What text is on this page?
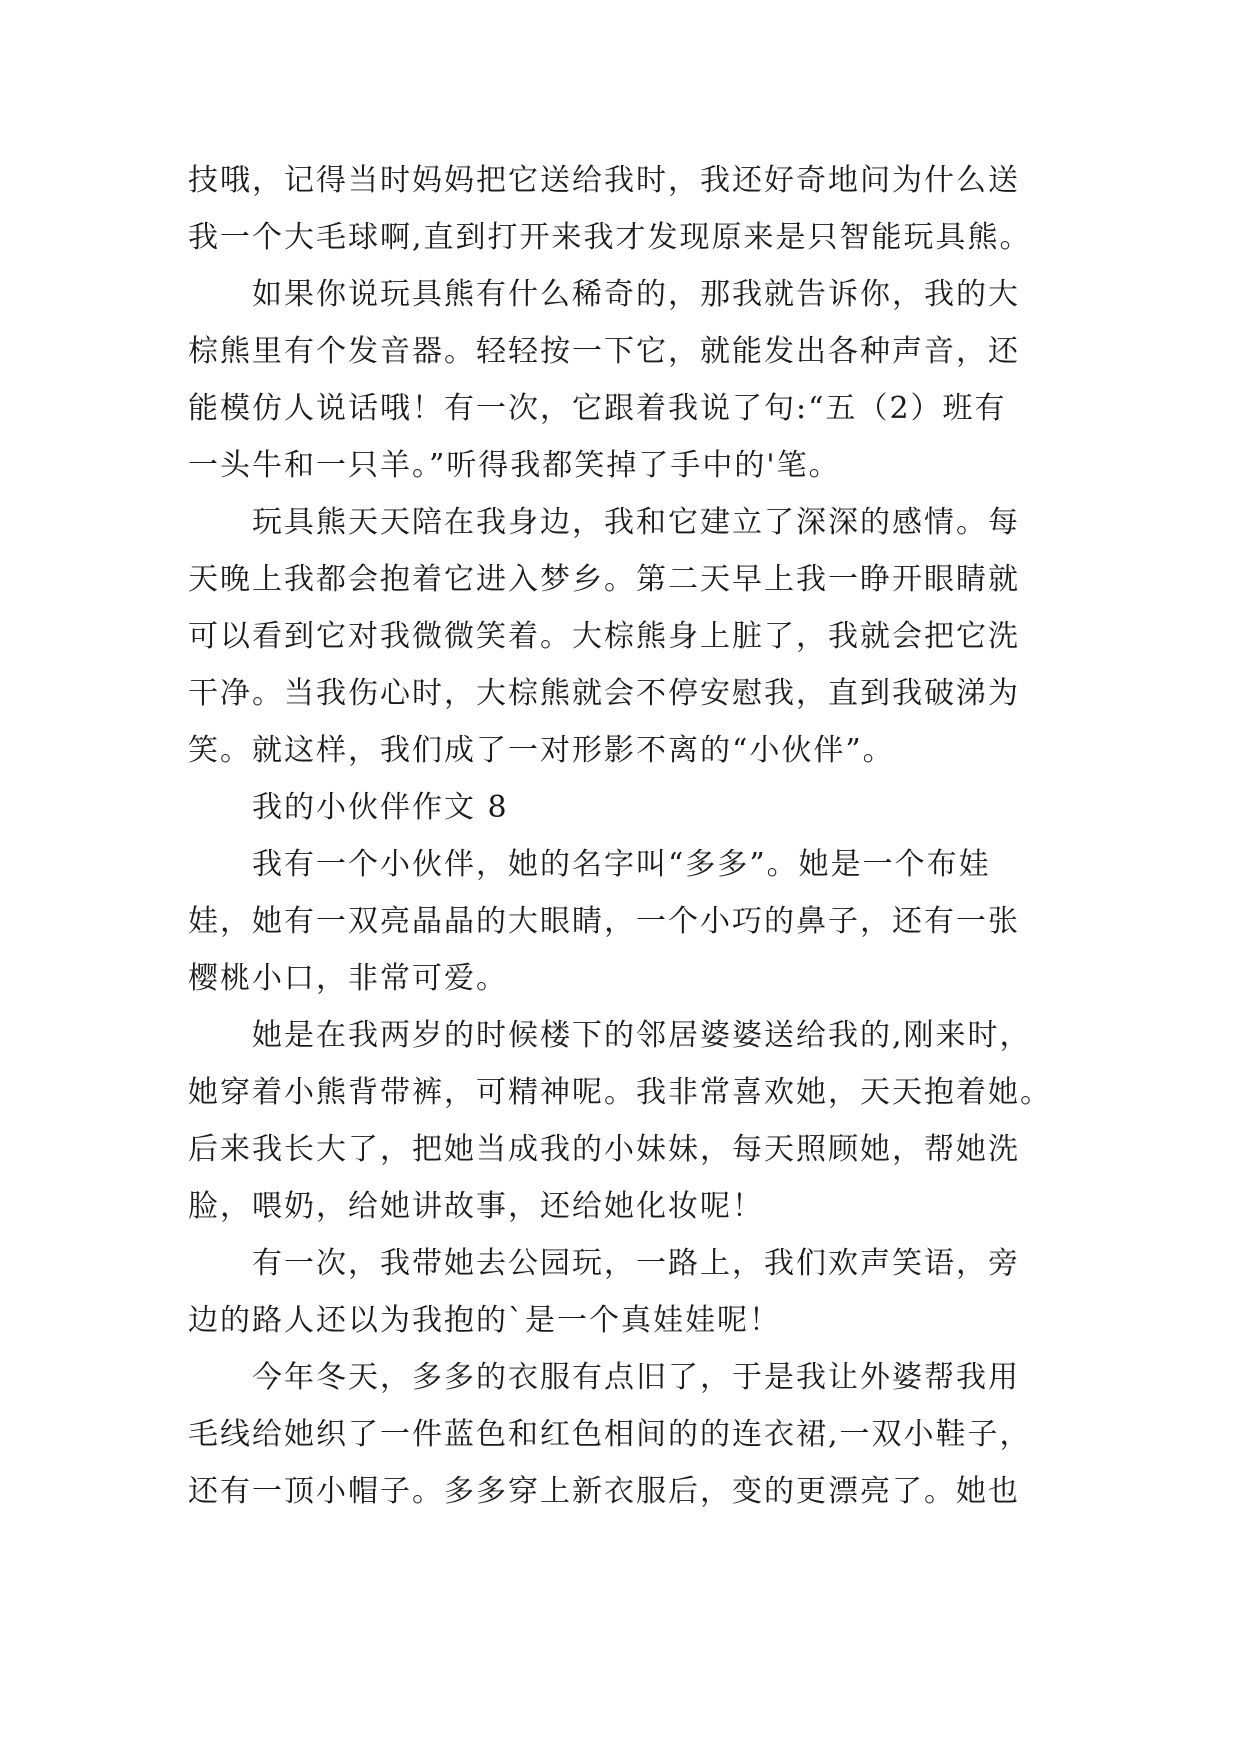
技哦，记得当时妈妈把它送给我时，我还好奇地问为什么送
我一个大毛球啊,直到打开来我才发现原来是只智能玩具熊。
如果你说玩具熊有什么稀奇的，那我就告诉你，我的大
棕熊里有个发音器。轻轻按一下它，就能发出各种声音，还
能模仿人说话哦！有一次，它跟着我说了句:“五（2）班有
一头牛和一只羊。”听得我都笑掉了手中的'笔。
玩具熊天天陪在我身边，我和它建立了深深的感情。每
天晚上我都会抱着它进入梦乡。第二天早上我一睁开眼睛就
可以看到它对我微微笑着。大棕熊身上脏了，我就会把它洗
干净。当我伤心时，大棕熊就会不停安慰我，直到我破涕为
笑。就这样，我们成了一对形影不离的“小伙伴”。
我的小伙伴作文 8
我有一个小伙伴，她的名字叫“多多”。她是一个布娃
娃，她有一双亮晶晶的大眼睛，一个小巧的鼻子，还有一张
樱桃小口，非常可爱。
她是在我两岁的时候楼下的邻居婆婆送给我的,刚来时，
她穿着小熊背带裤，可精神呢。我非常喜欢她，天天抱着她。
后来我长大了，把她当成我的小妹妹，每天照顾她，帮她洗
脸，喂奶，给她讲故事，还给她化妆呢！
有一次，我带她去公园玩，一路上，我们欢声笑语，旁
边的路人还以为我抱的`是一个真娃娃呢！
今年冬天，多多的衣服有点旧了，于是我让外婆帮我用
毛线给她织了一件蓝色和红色相间的的连衣裙,一双小鞋子，
还有一顶小帽子。多多穿上新衣服后，变的更漂亮了。她也
